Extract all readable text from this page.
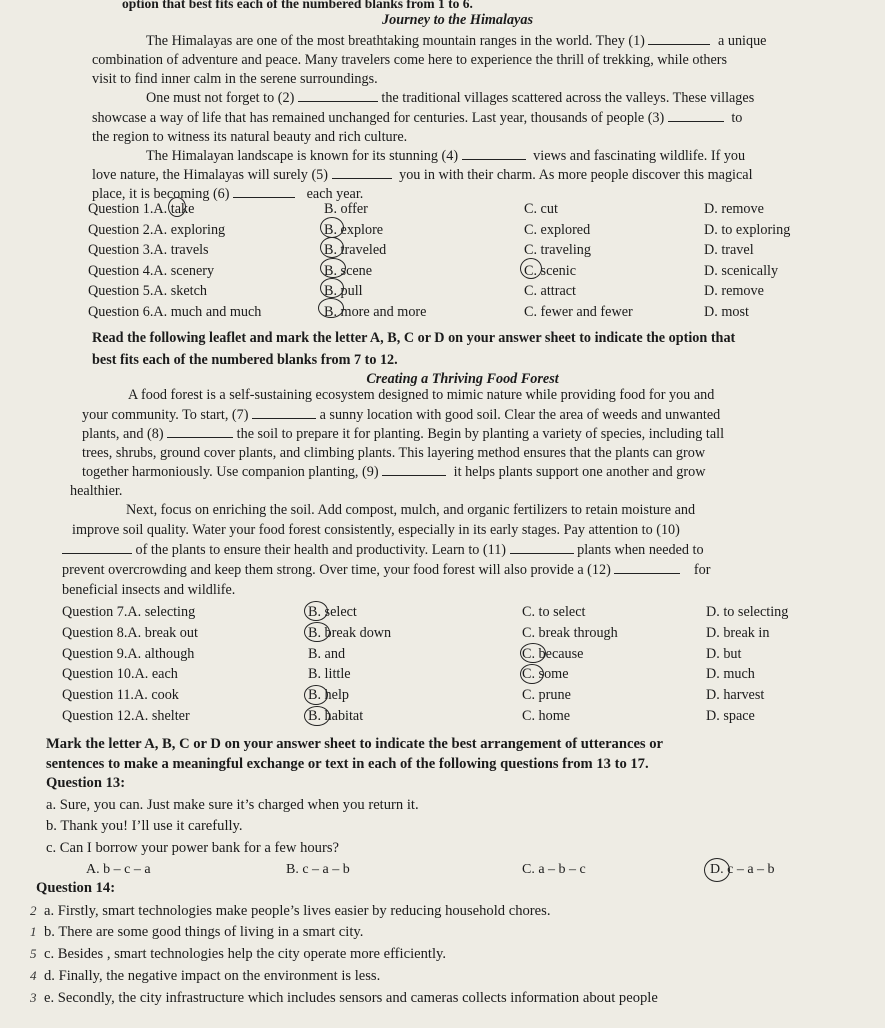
option that best fits each of the numbered blanks from 1 to 6.
Journey to the Himalayas
The Himalayas are one of the most breathtaking mountain ranges in the world. They (1)	a unique
combination of adventure and peace. Many travelers come here to experience the thrill of trekking, while others
visit to find inner calm in the serene surroundings.
One must not forget to (2)	the traditional villages scattered across the valleys. These villages
showcase a way of life that has remained unchanged for centuries. Last year, thousands of people (3)	to
the region to witness its natural beauty and rich culture.
The Himalayan landscape is known for its stunning (4)	views and fascinating wildlife. If you
love nature, the Himalayas will surely (5)	you in with their charm. As more people discover this magical
place, it is becoming (6)	each year.
Question 1.A. take	B. offer	C. cut	D. remove
Question 2.A. exploring	B. explore	C. explored	D. to exploring
Question 3.A. travels	B. traveled	C. traveling	D. travel
Question 4.A. scenery	B. scene	C. scenic	D. scenically
Question 5.A. sketch	B. pull	C. attract	D. remove
Question 6.A. much and much	B. more and more	C. fewer and fewer	D. most
Read the following leaflet and mark the letter A, B, C or D on your answer sheet to indicate the option that
best fits each of the numbered blanks from 7 to 12.
Creating a Thriving Food Forest
A food forest is a self-sustaining ecosystem designed to mimic nature while providing food for you and
your community. To start, (7)	a sunny location with good soil. Clear the area of weeds and unwanted
plants, and (8)	the soil to prepare it for planting. Begin by planting a variety of species, including tall
trees, shrubs, ground cover plants, and climbing plants. This layering method ensures that the plants can grow
together harmoniously. Use companion planting, (9)	it helps plants support one another and grow
healthier.
Next, focus on enriching the soil. Add compost, mulch, and organic fertilizers to retain moisture and
improve soil quality. Water your food forest consistently, especially in its early stages. Pay attention to (10)
of the plants to ensure their health and productivity. Learn to (11)	plants when needed to
prevent overcrowding and keep them strong. Over time, your food forest will also provide a (12)	for
beneficial insects and wildlife.
Question 7.A. selecting	B. select	C. to select	D. to selecting
Question 8.A. break out	B. break down	C. break through	D. break in
Question 9.A. although	B. and	C. because	D. but
Question 10.A. each	B. little	C. some	D. much
Question 11.A. cook	B. help	C. prune	D. harvest
Question 12.A. shelter	B. habitat	C. home	D. space
Mark the letter A, B, C or D on your answer sheet to indicate the best arrangement of utterances or
sentences to make a meaningful exchange or text in each of the following questions from 13 to 17.
Question 13:
a. Sure, you can. Just make sure it’s charged when you return it.
b. Thank you! I’ll use it carefully.
c. Can I borrow your power bank for a few hours?
A. b – c – a	B. c – a – b	C. a – b – c	D. c – a – b
Question 14:
2 a. Firstly, smart technologies make people’s lives easier by reducing household chores.
1 b. There are some good things of living in a smart city.
5 c. Besides , smart technologies help the city operate more efficiently.
4 d. Finally, the negative impact on the environment is less.
3 e. Secondly, the city infrastructure which includes sensors and cameras collects information about people
